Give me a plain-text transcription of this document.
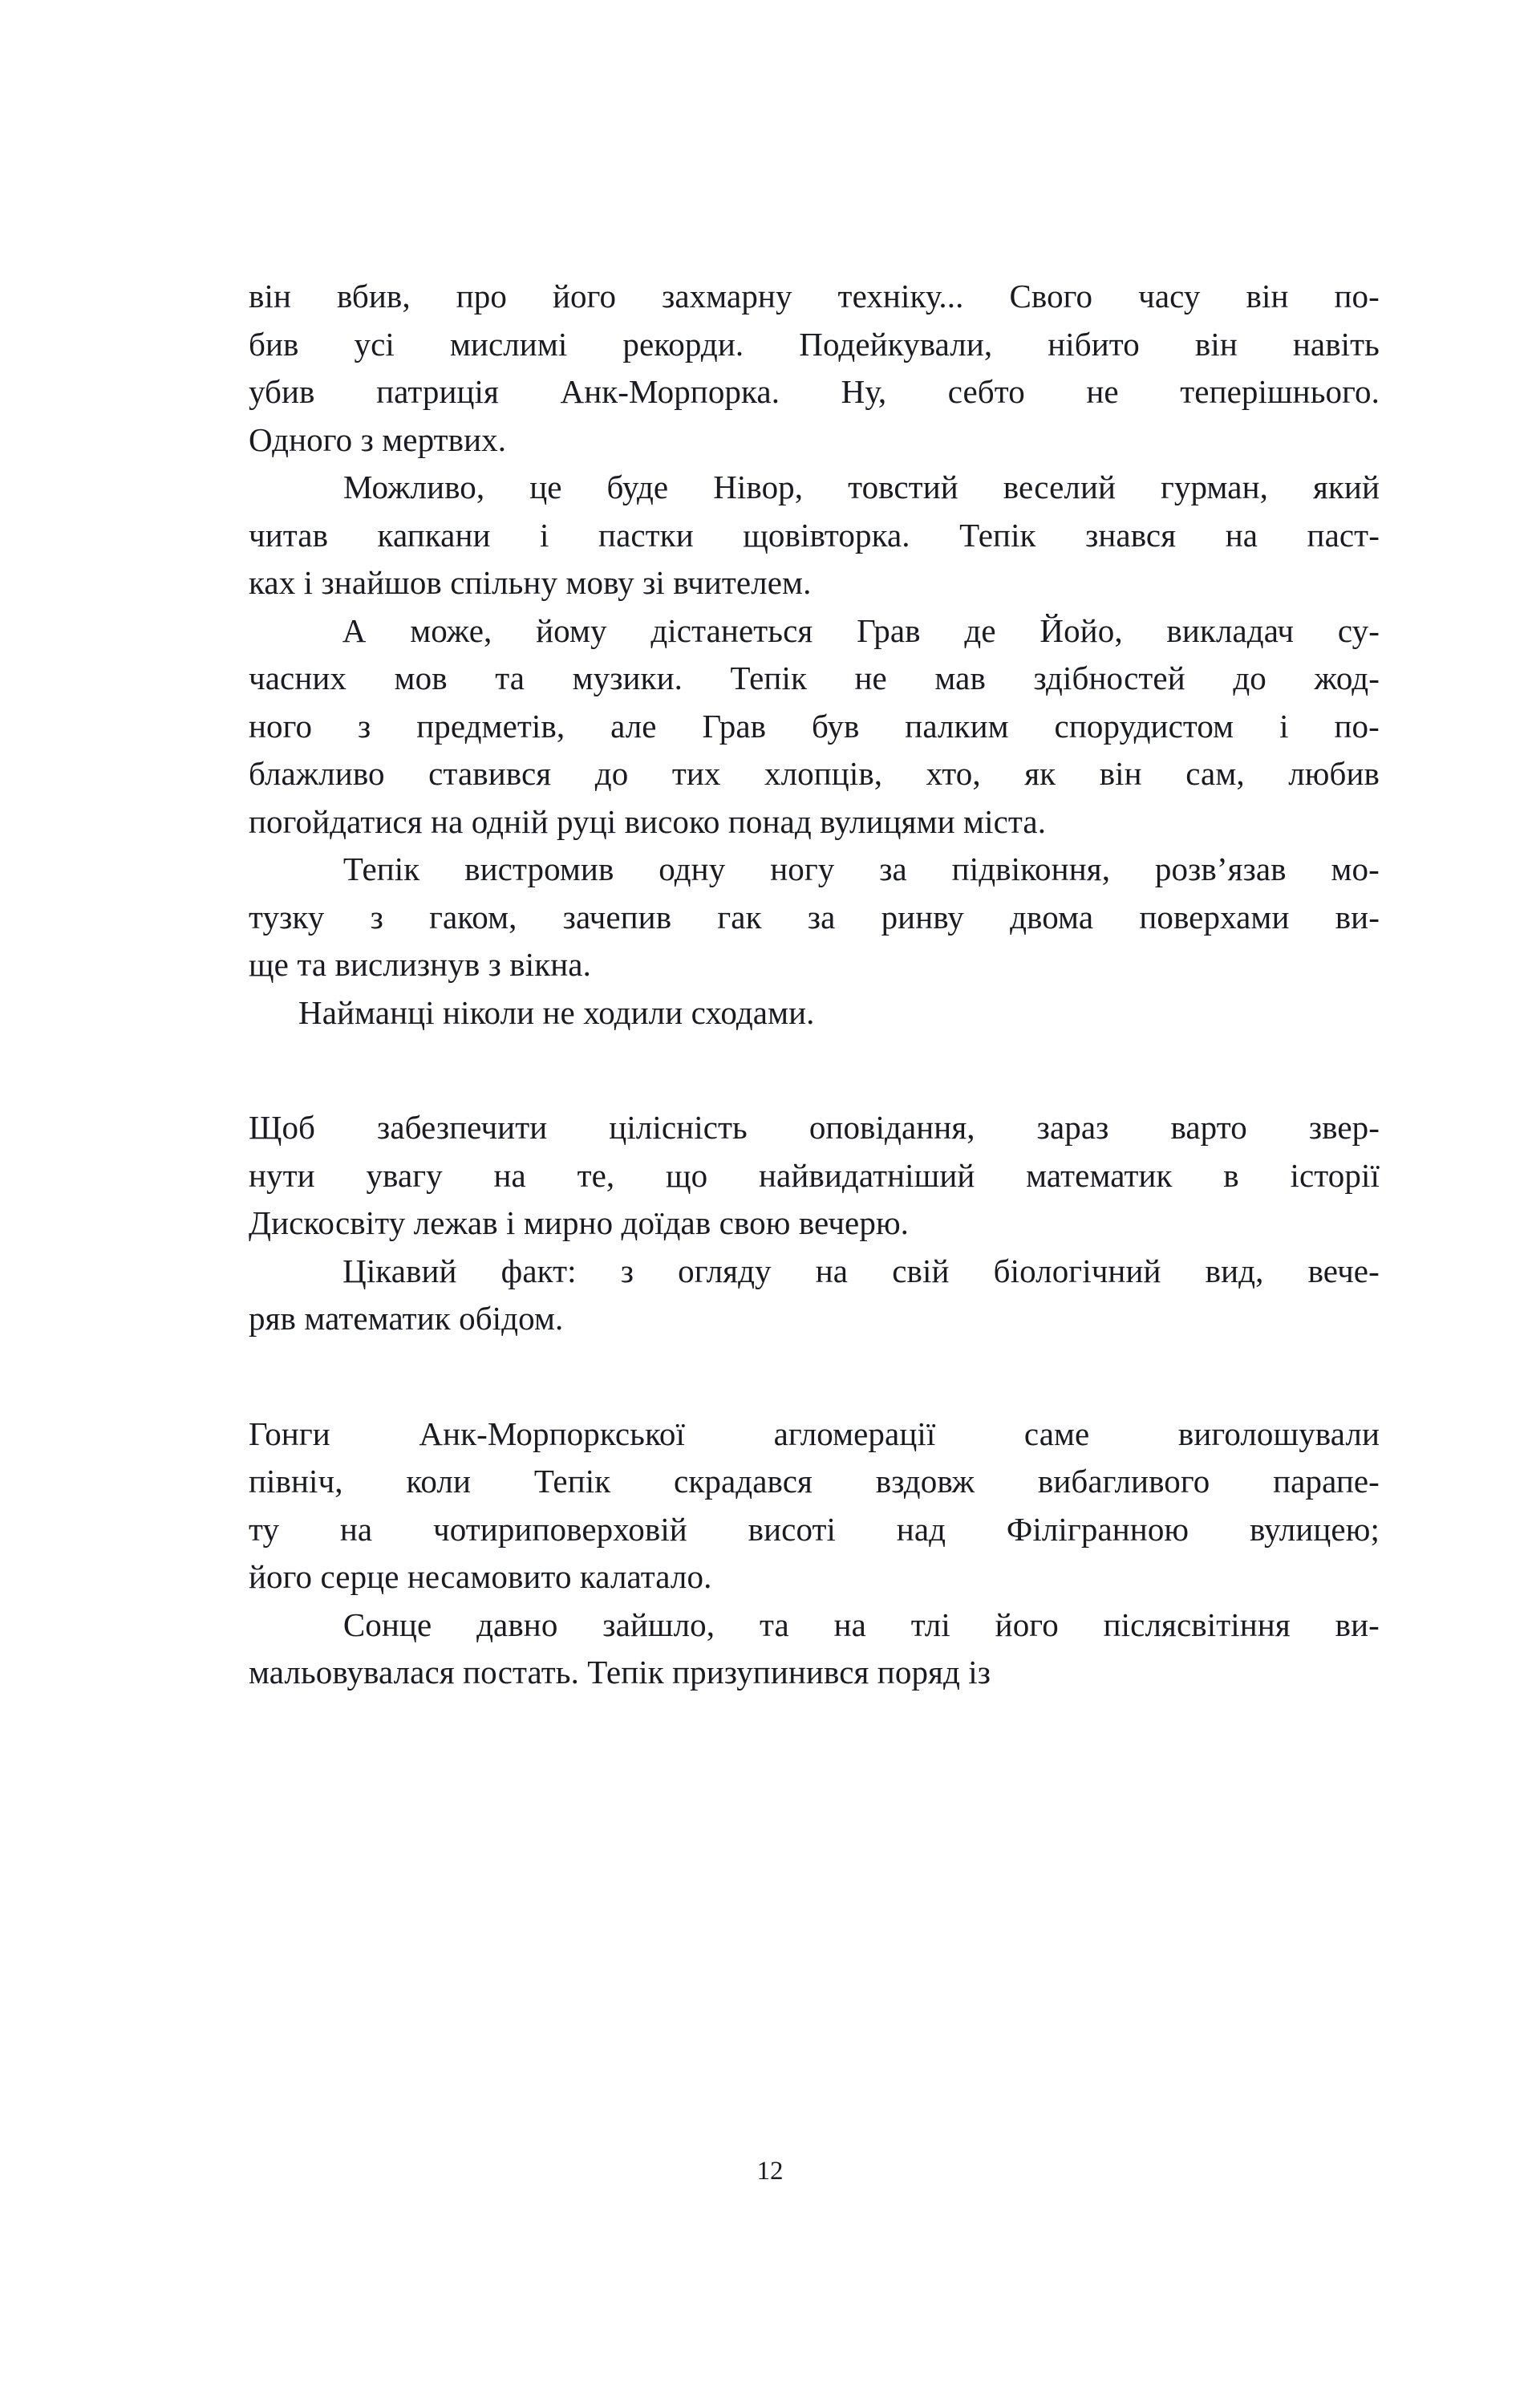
він вбив, про його захмарну техніку... Свого часу він по-
бив усі мислимі рекорди. Подейкували, нібито він навіть
убив патриція Анк-Морпорка. Ну, себто не теперішнього.
Одного з мертвих.

Можливо, це буде Нівор, товстий веселий гурман, який
читав капкани і пастки щовівторка. Тепік знався на паст-
ках і знайшов спільну мову зі вчителем.

А може, йому дістанеться Грав де Йойо, викладач су-
часних мов та музики. Тепік не мав здібностей до жод-
ного з предметів, але Грав був палким спорудистом і по-
блажливо ставився до тих хлопців, хто, як він сам, любив
погойдатися на одній руці високо понад вулицями міста.

Тепік вистромив одну ногу за підвіконня, розв’язав мо-
тузку з гаком, зачепив гак за ринву двома поверхами ви-
ще та вислизнув з вікна.

Найманці ніколи не ходили сходами.

Щоб забезпечити цілісність оповідання, зараз варто звер-
нути увагу на те, що найвидатніший математик в історії
Дискосвіту лежав і мирно доїдав свою вечерю.

Цікавий факт: з огляду на свій біологічний вид, вече-
ряв математик обідом.

Гонги	Анк-Морпоркської	агломерації	саме	виголошували
північ, коли Тепік скрадався вздовж вибагливого парапе-
ту на чотириповерховій висоті над Філігранною вулицею;
його серце несамовито калатало.

Сонце давно зайшло, та на тлі його післясвітіння ви-
мальовувалася постать. Тепік призупинився поряд із

12
